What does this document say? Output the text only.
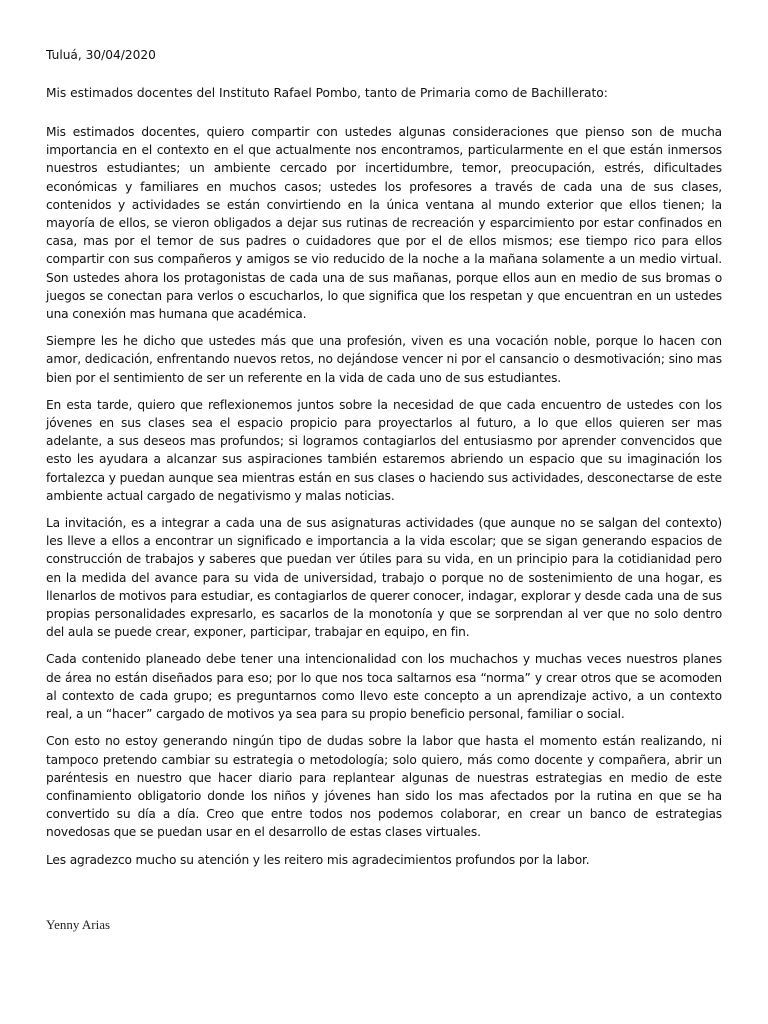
Tuluá, 30/04/2020
Mis estimados docentes del Instituto Rafael Pombo, tanto de Primaria como de Bachillerato:

Mis estimados docentes, quiero compartir con ustedes algunas consideraciones que pienso son de mucha importancia en el contexto en el que actualmente nos encontramos, particularmente en el que están inmersos nuestros estudiantes; un ambiente cercado por incertidumbre, temor, preocupación, estrés, dificultades económicas y familiares en muchos casos; ustedes los profesores a través de cada una de sus clases, contenidos y actividades se están convirtiendo en la única ventana al mundo exterior que ellos tienen; la mayoría de ellos, se vieron obligados a dejar sus rutinas de recreación y esparcimiento por estar confinados en casa, mas por el temor de sus padres o cuidadores que por el de ellos mismos; ese tiempo rico para ellos compartir con sus compañeros y amigos se vio reducido de la noche a la mañana solamente a un medio virtual. Son ustedes ahora los protagonistas de cada una de sus mañanas, porque ellos aun en medio de sus bromas o juegos se conectan para verlos o escucharlos, lo que significa que los respetan y que encuentran en un ustedes una conexión mas humana que académica.

Siempre les he dicho que ustedes más que una profesión, viven es una vocación noble, porque lo hacen con amor, dedicación, enfrentando nuevos retos, no dejándose vencer ni por el cansancio o desmotivación; sino mas bien por el sentimiento de ser un referente en la vida de cada uno de sus estudiantes.

En esta tarde, quiero que reflexionemos juntos sobre la necesidad de que cada encuentro de ustedes con los jóvenes en sus clases sea el espacio propicio para proyectarlos al futuro, a lo que ellos quieren ser mas adelante, a sus deseos mas profundos; si logramos contagiarlos del entusiasmo por aprender convencidos que esto les ayudara a alcanzar sus aspiraciones también estaremos abriendo un espacio que su imaginación los fortalezca y puedan aunque sea mientras están en sus clases o haciendo sus actividades, desconectarse de este ambiente actual cargado de negativismo y malas noticias.

La invitación, es a integrar a cada una de sus asignaturas actividades (que aunque no se salgan del contexto) les lleve a ellos a encontrar un significado e importancia a la vida escolar; que se sigan generando espacios de construcción de trabajos y saberes que puedan ver útiles para su vida, en un principio para la cotidianidad pero en la medida del avance para su vida de universidad, trabajo o porque no de sostenimiento de una hogar, es llenarlos de motivos para estudiar, es contagiarlos de querer conocer, indagar, explorar y desde cada una de sus propias personalidades expresarlo, es sacarlos de la monotonía y que se sorprendan al ver que no solo dentro del aula se puede crear, exponer, participar, trabajar en equipo, en fin.

Cada contenido planeado debe tener una intencionalidad con los muchachos y muchas veces nuestros planes de área no están diseñados para eso; por lo que nos toca saltarnos esa “norma” y crear otros que se acomoden al contexto de cada grupo; es preguntarnos como llevo este concepto a un aprendizaje activo, a un contexto real, a un “hacer” cargado de motivos ya sea para su propio beneficio personal, familiar o social.

Con esto no estoy generando ningún tipo de dudas sobre la labor que hasta el momento están realizando, ni tampoco pretendo cambiar su estrategia o metodología; solo quiero, más como docente y compañera, abrir un paréntesis en nuestro que hacer diario para replantear algunas de nuestras estrategias en medio de este confinamiento obligatorio donde los niños y jóvenes han sido los mas afectados por la rutina en que se ha convertido su día a día. Creo que entre todos nos podemos colaborar, en crear un banco de estrategias novedosas que se puedan usar en el desarrollo de estas clases virtuales.

Les agradezco mucho su atención y les reitero mis agradecimientos profundos por la labor.

Yenny Arias
